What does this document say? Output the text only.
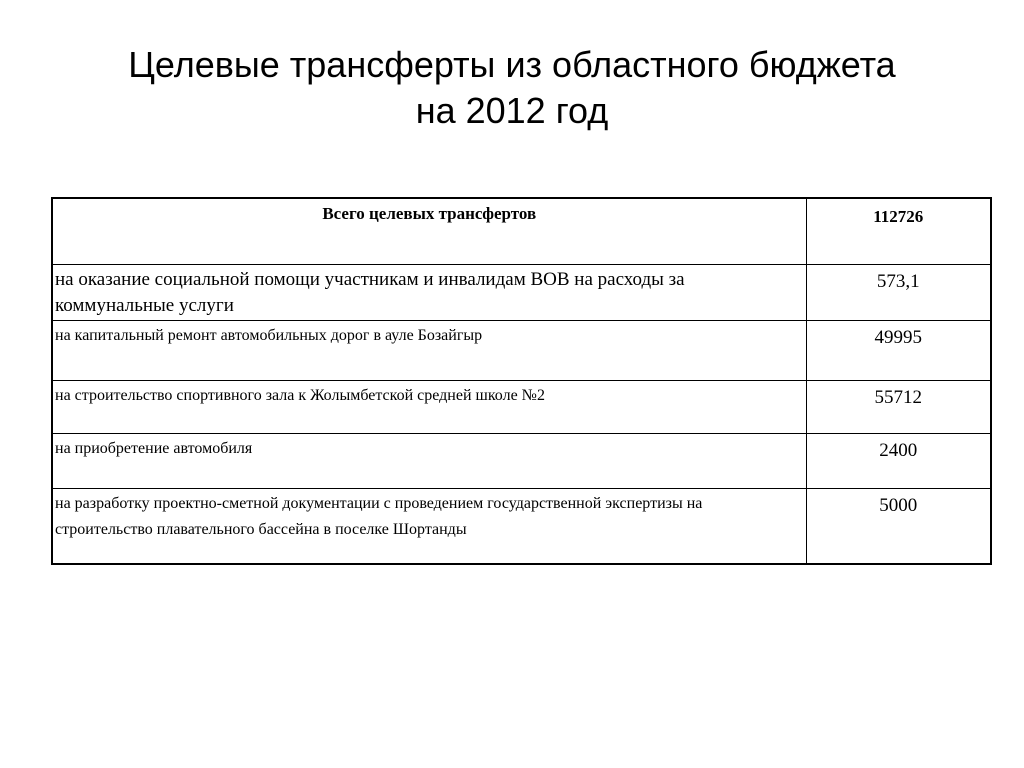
Целевые трансферты из областного бюджета
на 2012 год
Всего целевых трансфертов	112726
на оказание социальной помощи участникам и инвалидам ВОВ на расходы за коммунальные услуги	573,1
на капитальный ремонт автомобильных дорог в ауле Бозайгыр	49995
на строительство спортивного зала к Жолымбетской средней школе №2	55712
на приобретение автомобиля	2400
на разработку проектно-сметной документации с проведением государственной экспертизы на строительство плавательного бассейна в поселке Шортанды	5000
